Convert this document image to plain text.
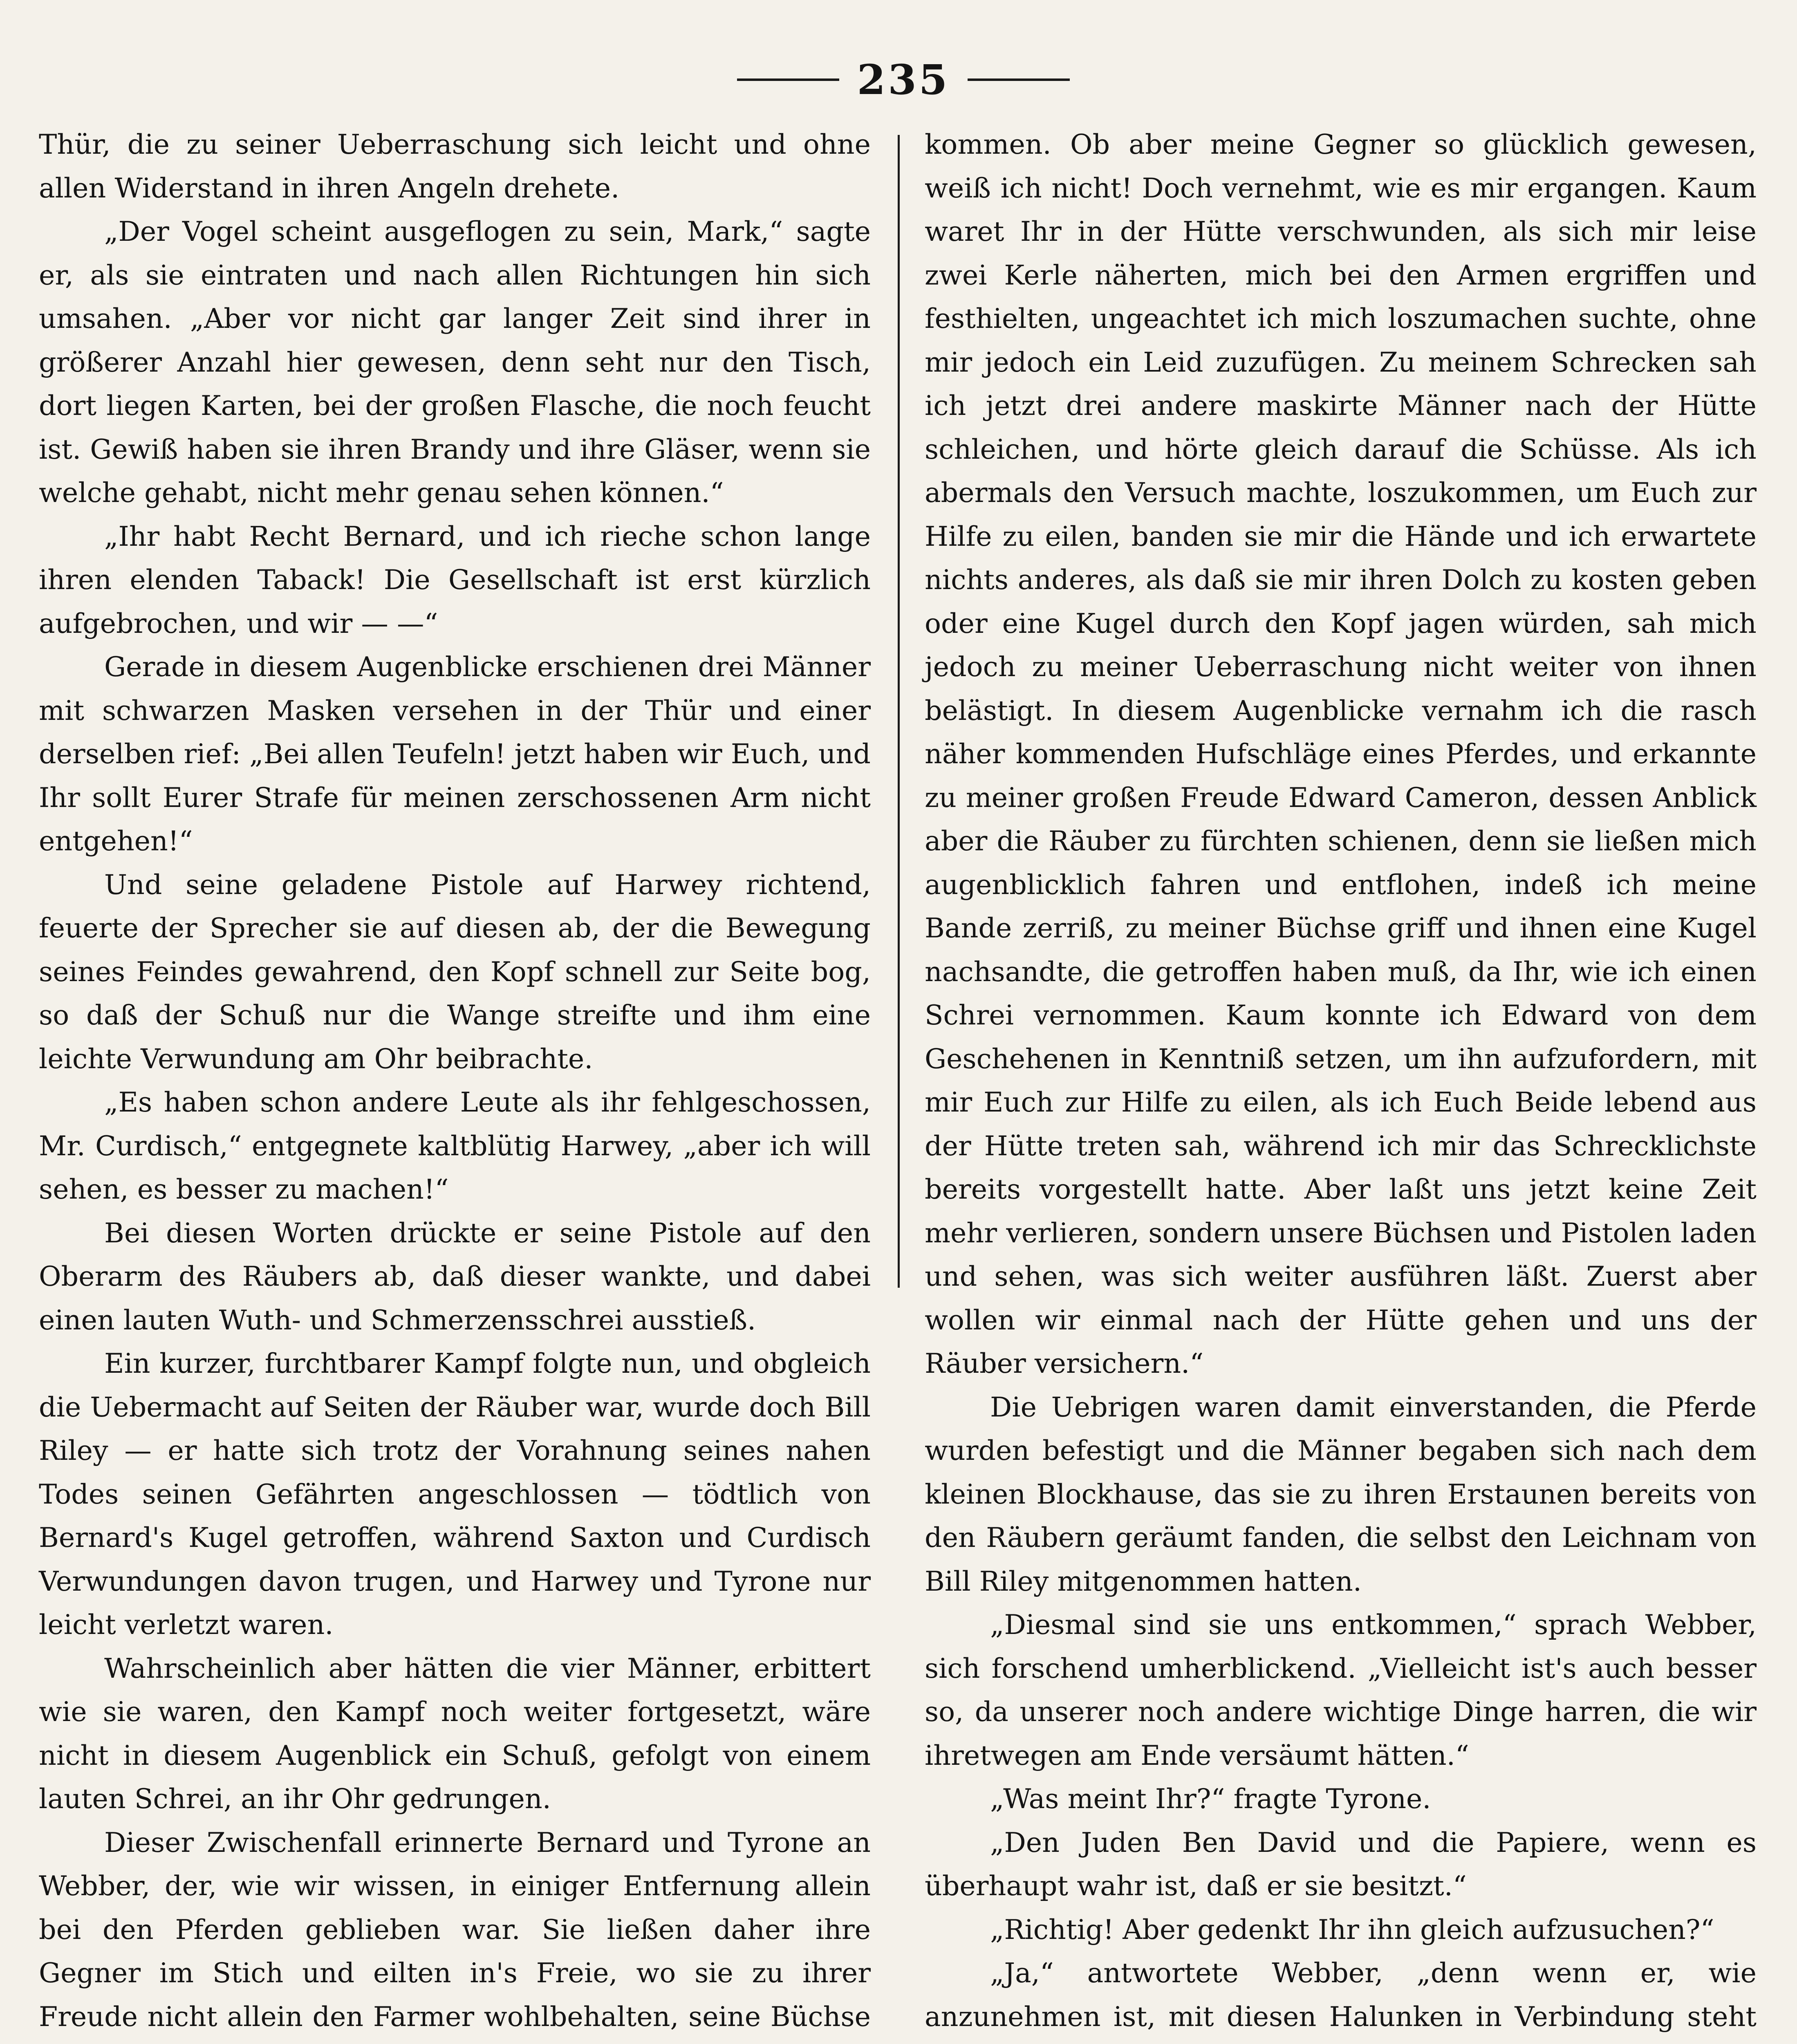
235

Thür, die zu seiner Ueberraschung sich leicht und ohne allen Widerstand in ihren Angeln drehete.

„Der Vogel scheint ausgeflogen zu sein, Mark,“ sagte er, als sie eintraten und nach allen Richtungen hin sich umsahen. „Aber vor nicht gar langer Zeit sind ihrer in größerer Anzahl hier gewesen, denn seht nur den Tisch, dort liegen Karten, bei der großen Flasche, die noch feucht ist. Gewiß haben sie ihren Brandy und ihre Gläser, wenn sie welche gehabt, nicht mehr genau sehen können.“

„Ihr habt Recht Bernard, und ich rieche schon lange ihren elenden Taback! Die Gesellschaft ist erst kürzlich aufgebrochen, und wir — —“

Gerade in diesem Augenblicke erschienen drei Männer mit schwarzen Masken versehen in der Thür und einer derselben rief: „Bei allen Teufeln! jetzt haben wir Euch, und Ihr sollt Eurer Strafe für meinen zerschossenen Arm nicht entgehen!“

Und seine geladene Pistole auf Harwey richtend, feuerte der Sprecher sie auf diesen ab, der die Bewegung seines Feindes gewahrend, den Kopf schnell zur Seite bog, so daß der Schuß nur die Wange streifte und ihm eine leichte Verwundung am Ohr beibrachte.

„Es haben schon andere Leute als ihr fehlgeschossen, Mr. Curdisch,“ entgegnete kaltblütig Harwey, „aber ich will sehen, es besser zu machen!“

Bei diesen Worten drückte er seine Pistole auf den Oberarm des Räubers ab, daß dieser wankte, und dabei einen lauten Wuth- und Schmerzensschrei ausstieß.

Ein kurzer, furchtbarer Kampf folgte nun, und obgleich die Uebermacht auf Seiten der Räuber war, wurde doch Bill Riley — er hatte sich trotz der Vorahnung seines nahen Todes seinen Gefährten angeschlossen — tödtlich von Bernard's Kugel getroffen, während Saxton und Curdisch Verwundungen davon trugen, und Harwey und Tyrone nur leicht verletzt waren.

Wahrscheinlich aber hätten die vier Männer, erbittert wie sie waren, den Kampf noch weiter fortgesetzt, wäre nicht in diesem Augenblick ein Schuß, gefolgt von einem lauten Schrei, an ihr Ohr gedrungen.

Dieser Zwischenfall erinnerte Bernard und Tyrone an Webber, der, wie wir wissen, in einiger Entfernung allein bei den Pferden geblieben war. Sie ließen daher ihre Gegner im Stich und eilten in's Freie, wo sie zu ihrer Freude nicht allein den Farmer wohlbehalten, seine Büchse

kommen. Ob aber meine Gegner so glücklich gewesen, weiß ich nicht! Doch vernehmt, wie es mir ergangen. Kaum waret Ihr in der Hütte verschwunden, als sich mir leise zwei Kerle näherten, mich bei den Armen ergriffen und festhielten, ungeachtet ich mich loszumachen suchte, ohne mir jedoch ein Leid zuzufügen. Zu meinem Schrecken sah ich jetzt drei andere maskirte Männer nach der Hütte schleichen, und hörte gleich darauf die Schüsse. Als ich abermals den Versuch machte, loszukommen, um Euch zur Hilfe zu eilen, banden sie mir die Hände und ich erwartete nichts anderes, als daß sie mir ihren Dolch zu kosten geben oder eine Kugel durch den Kopf jagen würden, sah mich jedoch zu meiner Ueberraschung nicht weiter von ihnen belästigt. In diesem Augenblicke vernahm ich die rasch näher kommenden Hufschläge eines Pferdes, und erkannte zu meiner großen Freude Edward Cameron, dessen Anblick aber die Räuber zu fürchten schienen, denn sie ließen mich augenblicklich fahren und entflohen, indeß ich meine Bande zerriß, zu meiner Büchse griff und ihnen eine Kugel nachsandte, die getroffen haben muß, da Ihr, wie ich einen Schrei vernommen. Kaum konnte ich Edward von dem Geschehenen in Kenntniß setzen, um ihn aufzufordern, mit mir Euch zur Hilfe zu eilen, als ich Euch Beide lebend aus der Hütte treten sah, während ich mir das Schrecklichste bereits vorgestellt hatte. Aber laßt uns jetzt keine Zeit mehr verlieren, sondern unsere Büchsen und Pistolen laden und sehen, was sich weiter ausführen läßt. Zuerst aber wollen wir einmal nach der Hütte gehen und uns der Räuber versichern.“

Die Uebrigen waren damit einverstanden, die Pferde wurden befestigt und die Männer begaben sich nach dem kleinen Blockhause, das sie zu ihren Erstaunen bereits von den Räubern geräumt fanden, die selbst den Leichnam von Bill Riley mitgenommen hatten.

„Diesmal sind sie uns entkommen,“ sprach Webber, sich forschend umherblickend. „Vielleicht ist's auch besser so, da unserer noch andere wichtige Dinge harren, die wir ihretwegen am Ende versäumt hätten.“

„Was meint Ihr?“ fragte Tyrone.

„Den Juden Ben David und die Papiere, wenn es überhaupt wahr ist, daß er sie besitzt.“

„Richtig! Aber gedenkt Ihr ihn gleich aufzusuchen?“

„Ja,“ antwortete Webber, „denn wenn er, wie anzunehmen ist, mit diesen Halunken in Verbindung steht
